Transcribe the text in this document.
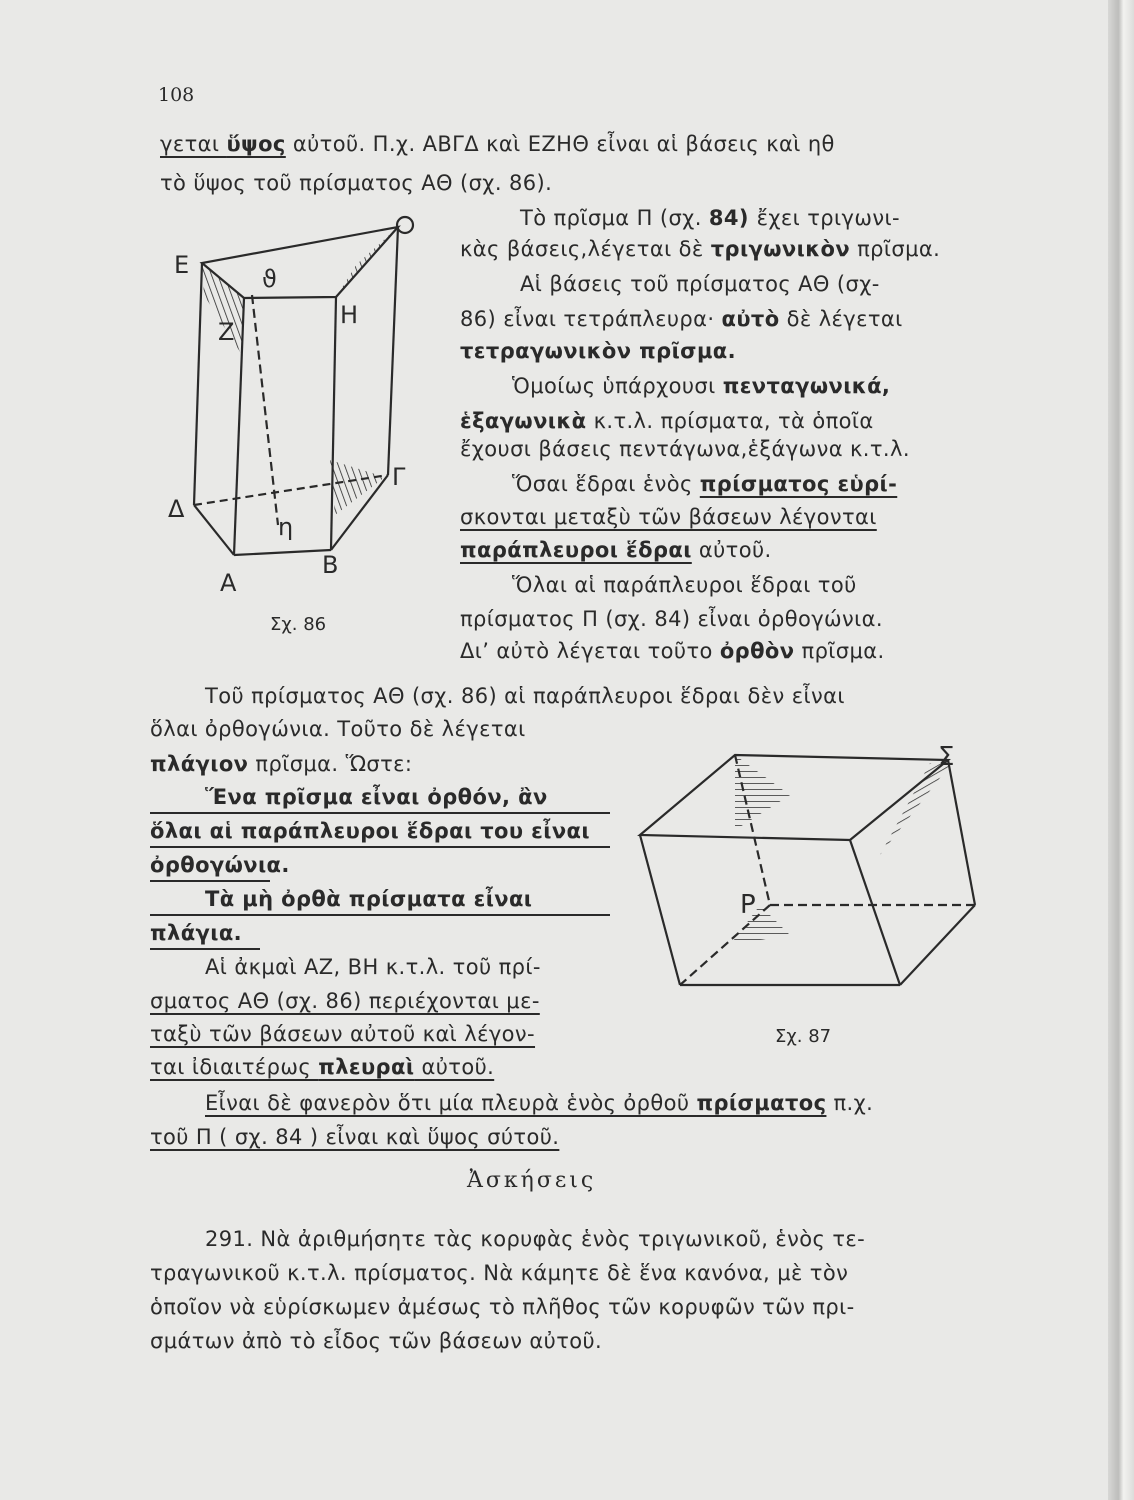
108
γεται ὕψος αὐτοῦ. Π.χ. ΑΒΓΔ καὶ ΕΖΗΘ εἶναι αἱ βάσεις καὶ ηθ
τὸ ὕψος τοῦ πρίσματος ΑΘ (σχ. 86).
Ε	ϑ
Ζ
Η
Δ
Γ
η
Α
Β
Σχ. 86
Τὸ πρῖσμα Π (σχ. 84) ἔχει τριγωνι-
κὰς βάσεις,λέγεται δὲ τριγωνικὸν πρῖσμα.
Αἱ βάσεις τοῦ πρίσματος ΑΘ (σχ-
86) εἶναι τετράπλευρα· αὐτὸ δὲ λέγεται
τετραγωνικὸν πρῖσμα.
Ὁμοίως ὑπάρχουσι πενταγωνικά,
ἑξαγωνικὰ κ.τ.λ. πρίσματα, τὰ ὁποῖα
ἔχουσι βάσεις πεντάγωνα,ἑξάγωνα κ.τ.λ.
Ὅσαι ἕδραι ἑνὸς πρίσματος εὑρί-
σκονται μεταξὺ τῶν βάσεων λέγονται
παράπλευροι ἕδραι αὐτοῦ.
Ὅλαι αἱ παράπλευροι ἕδραι τοῦ
πρίσματος Π (σχ. 84) εἶναι ὀρθογώνια.
Δι’ αὐτὸ λέγεται τοῦτο ὀρθὸν πρῖσμα.
Τοῦ πρίσματος ΑΘ (σχ. 86) αἱ παράπλευροι ἕδραι δὲν εἶναι
ὅλαι ὀρθογώνια. Τοῦτο δὲ λέγεται
πλάγιον πρῖσμα. Ὥστε:
Ἕνα πρῖσμα εἶναι ὀρθόν, ἂν
ὅλαι αἱ παράπλευροι ἕδραι του εἶναι
ὀρθογώνια.
Τὰ μὴ ὀρθὰ πρίσματα εἶναι
πλάγια.
Αἱ ἀκμαὶ ΑΖ, ΒΗ κ.τ.λ. τοῦ πρί-
σματος ΑΘ (σχ. 86) περιέχονται με-
ταξὺ τῶν βάσεων αὐτοῦ καὶ λέγον-
ται ἰδιαιτέρως πλευραὶ αὐτοῦ.
Σ
Ρ
Σχ. 87
Εἶναι δὲ φανερὸν ὅτι μία πλευρὰ ἑνὸς ὀρθοῦ πρίσματος π.χ.
τοῦ Π ( σχ. 84 ) εἶναι καὶ ὕψος σύτοῦ.
Ἀσκήσεις
291. Νὰ ἀριθμήσητε τὰς κορυφὰς ἑνὸς τριγωνικοῦ, ἑνὸς τε-
τραγωνικοῦ κ.τ.λ. πρίσματος. Νὰ κάμητε δὲ ἕνα κανόνα, μὲ τὸν
ὁποῖον νὰ εὑρίσκωμεν ἀμέσως τὸ πλῆθος τῶν κορυφῶν τῶν πρι-
σμάτων ἀπὸ τὸ εἶδος τῶν βάσεων αὐτοῦ.
